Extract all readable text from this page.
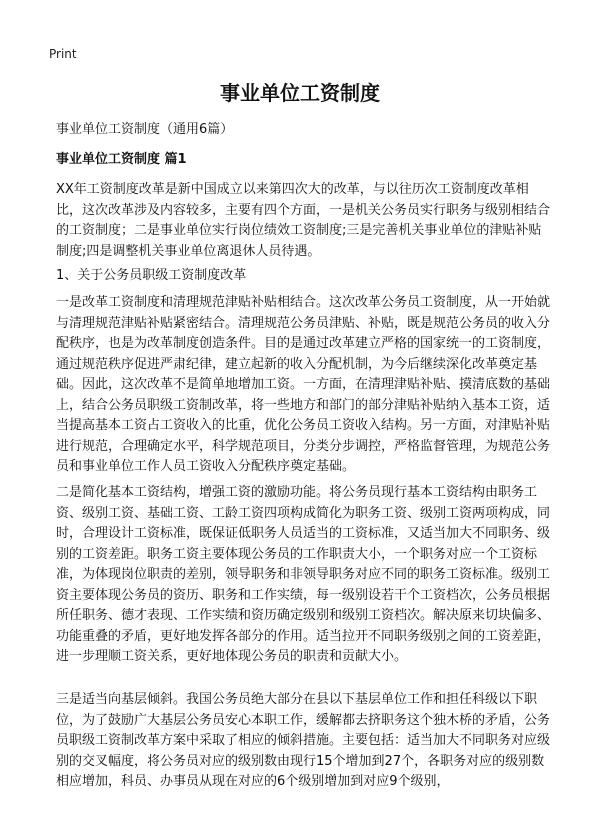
Print
事业单位工资制度
事业单位工资制度（通用6篇）
事业单位工资制度 篇1

XX年工资制度改革是新中国成立以来第四次大的改革，与以往历次工资制度改革相比，这次改革涉及内容较多，主要有四个方面，一是机关公务员实行职务与级别相结合的工资制度；二是事业单位实行岗位绩效工资制度;三是完善机关事业单位的津贴补贴制度;四是调整机关事业单位离退休人员待遇。

1、关于公务员职级工资制度改革

一是改革工资制度和清理规范津贴补贴相结合。这次改革公务员工资制度，从一开始就与清理规范津贴补贴紧密结合。清理规范公务员津贴、补贴，既是规范公务员的收入分配秩序，也是为改革制度创造条件。目的是通过改革建立严格的国家统一的工资制度，通过规范秩序促进严肃纪律，建立起新的收入分配机制，为今后继续深化改革奠定基础。因此，这次改革不是简单地增加工资。一方面，在清理津贴补贴、摸清底数的基础上，结合公务员职级工资制改革，将一些地方和部门的部分津贴补贴纳入基本工资，适当提高基本工资占工资收入的比重，优化公务员工资收入结构。另一方面，对津贴补贴进行规范，合理确定水平，科学规范项目，分类分步调控，严格监督管理，为规范公务员和事业单位工作人员工资收入分配秩序奠定基础。

二是简化基本工资结构，增强工资的激励功能。将公务员现行基本工资结构由职务工资、级别工资、基础工资、工龄工资四项构成简化为职务工资、级别工资两项构成，同时，合理设计工资标准，既保证低职务人员适当的工资标准，又适当加大不同职务、级别的工资差距。职务工资主要体现公务员的工作职责大小，一个职务对应一个工资标准，为体现岗位职责的差别，领导职务和非领导职务对应不同的职务工资标准。级别工资主要体现公务员的资历、职务和工作实绩，每一级别设若干个工资档次，公务员根据所任职务、德才表现、工作实绩和资历确定级别和级别工资档次。解决原来切块偏多、功能重叠的矛盾，更好地发挥各部分的作用。适当拉开不同职务级别之间的工资差距，进一步理顺工资关系，更好地体现公务员的职责和贡献大小。

三是适当向基层倾斜。我国公务员绝大部分在县以下基层单位工作和担任科级以下职位，为了鼓励广大基层公务员安心本职工作，缓解都去挤职务这个独木桥的矛盾，公务员职级工资制改革方案中采取了相应的倾斜措施。主要包括：适当加大不同职务对应级别的交叉幅度，将公务员对应的级别数由现行15个增加到27个，各职务对应的级别数相应增加，科员、办事员从现在对应的6个级别增加到对应9个级别，
